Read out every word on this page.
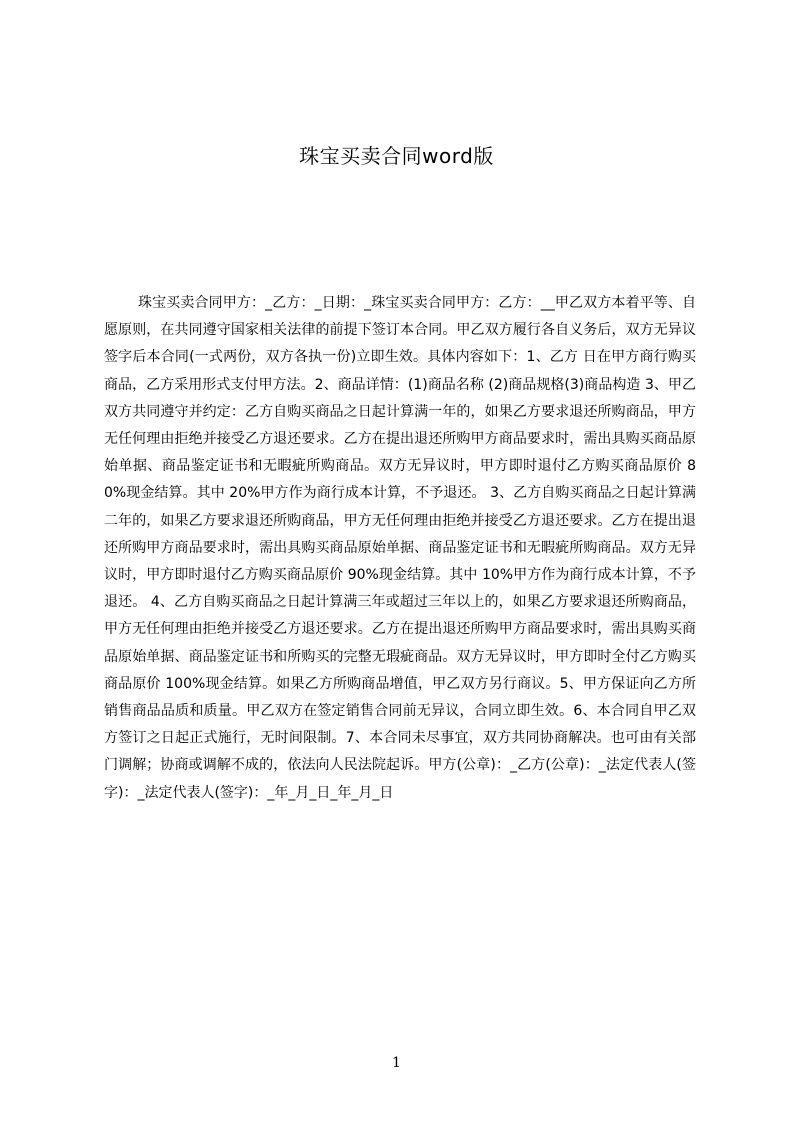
珠宝买卖合同word版

珠宝买卖合同甲方：_乙方：_日期：_珠宝买卖合同甲方：乙方：__甲乙双方本着平等、自愿原则，在共同遵守国家相关法律的前提下签订本合同。甲乙双方履行各自义务后，双方无异议签字后本合同(一式两份，双方各执一份)立即生效。具体内容如下：1、乙方 日在甲方商行购买商品，乙方采用形式支付甲方法。2、商品详情：(1)商品名称 (2)商品规格(3)商品构造 3、甲乙双方共同遵守并约定：乙方自购买商品之日起计算满一年的，如果乙方要求退还所购商品，甲方无任何理由拒绝并接受乙方退还要求。乙方在提出退还所购甲方商品要求时，需出具购买商品原始单据、商品鉴定证书和无暇疵所购商品。双方无异议时，甲方即时退付乙方购买商品原价 80%现金结算。其中 20%甲方作为商行成本计算，不予退还。 3、乙方自购买商品之日起计算满二年的，如果乙方要求退还所购商品，甲方无任何理由拒绝并接受乙方退还要求。乙方在提出退还所购甲方商品要求时，需出具购买商品原始单据、商品鉴定证书和无暇疵所购商品。双方无异议时，甲方即时退付乙方购买商品原价 90%现金结算。其中 10%甲方作为商行成本计算，不予退还。 4、乙方自购买商品之日起计算满三年或超过三年以上的，如果乙方要求退还所购商品，甲方无任何理由拒绝并接受乙方退还要求。乙方在提出退还所购甲方商品要求时，需出具购买商品原始单据、商品鉴定证书和所购买的完整无瑕疵商品。双方无异议时，甲方即时全付乙方购买商品原价 100%现金结算。如果乙方所购商品增值，甲乙双方另行商议。5、甲方保证向乙方所销售商品品质和质量。甲乙双方在签定销售合同前无异议，合同立即生效。6、本合同自甲乙双方签订之日起正式施行，无时间限制。7、本合同未尽事宜，双方共同协商解决。也可由有关部门调解；协商或调解不成的，依法向人民法院起诉。甲方(公章)：_乙方(公章)：_法定代表人(签字)：_法定代表人(签字)：_年_月_日_年_月_日

1
